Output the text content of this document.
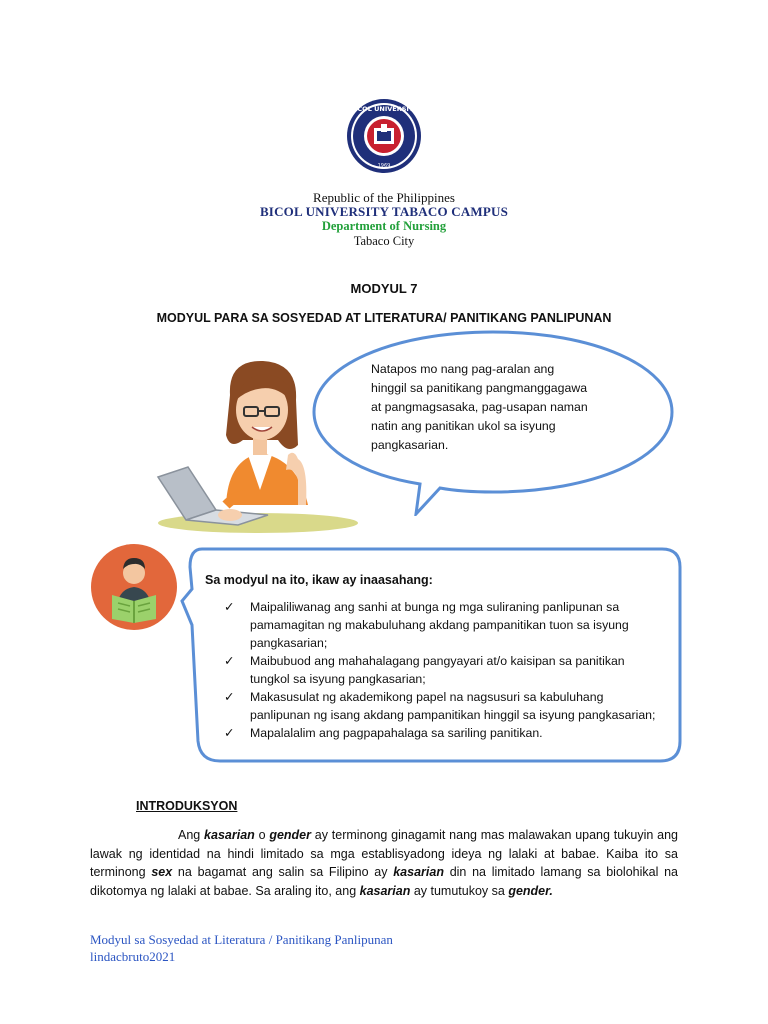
BICOL UNIVERSITY
1969
Republic of the Philippines
BICOL UNIVERSITY TABACO CAMPUS
Department of Nursing
Tabaco City
MODYUL 7
MODYUL PARA SA SOSYEDAD AT LITERATURA/ PANITIKANG PANLIPUNAN
Natapos mo nang pag-aralan ang
hinggil sa panitikang pangmanggagawa
at pangmagsasaka, pag-usapan naman
natin ang panitikan ukol sa isyung
pangkasarian.
Sa modyul na ito, ikaw ay inaasahang:
✓ Maipaliliwanag ang sanhi at bunga ng mga suliraning panlipunan sa pamamagitan ng makabuluhang akdang pampanitikan tuon sa isyung pangkasarian;
✓ Maibubuod ang mahahalagang pangyayari at/o kaisipan sa panitikan tungkol sa isyung pangkasarian;
✓ Makasusulat ng akademikong papel na nagsusuri sa kabuluhang panlipunan ng isang akdang pampanitikan hinggil sa isyung pangkasarian;
✓ Mapalalalim ang pagpapahalaga sa sariling panitikan.
INTRODUKSYON
Ang kasarian o gender ay terminong ginagamit nang mas malawakan upang tukuyin ang lawak ng identidad na hindi limitado sa mga establisyadong ideya ng lalaki at babae. Kaiba ito sa terminong sex na bagamat ang salin sa Filipino ay kasarian din na limitado lamang sa biolohikal na dikotomya ng lalaki at babae. Sa araling ito, ang kasarian ay tumutukoy sa gender.
Modyul sa Sosyedad at Literatura / Panitikang Panlipunan
lindacbruto2021
